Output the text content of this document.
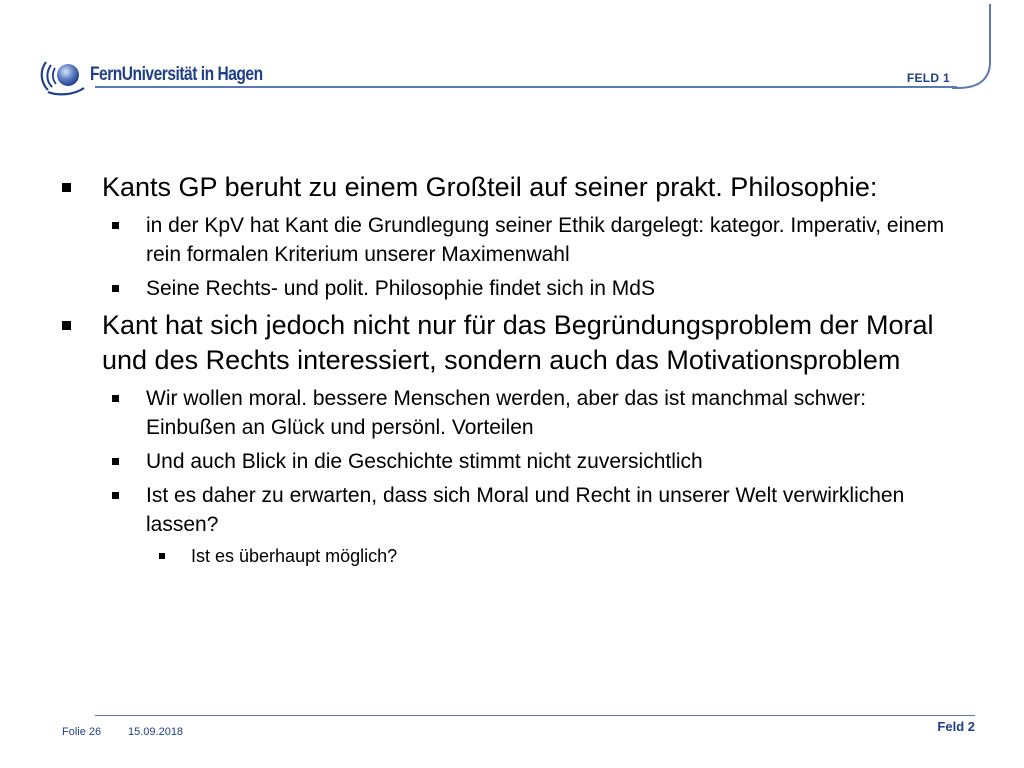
FernUniversität in Hagen	FELD 1
Kants GP beruht zu einem Großteil auf seiner prakt. Philosophie:
in der KpV hat Kant die Grundlegung seiner Ethik dargelegt: kategor. Imperativ, einem rein formalen Kriterium unserer Maximenwahl
Seine Rechts- und polit. Philosophie findet sich in MdS
Kant hat sich jedoch nicht nur für das Begründungsproblem der Moral und des Rechts interessiert, sondern auch das Motivationsproblem
Wir wollen moral. bessere Menschen werden, aber das ist manchmal schwer: Einbußen an Glück und persönl. Vorteilen
Und auch Blick in die Geschichte stimmt nicht zuversichtlich
Ist es daher zu erwarten, dass sich Moral und Recht in unserer Welt verwirklichen lassen?
Ist es überhaupt möglich?
Folie 26 15.09.2018	Feld 2
